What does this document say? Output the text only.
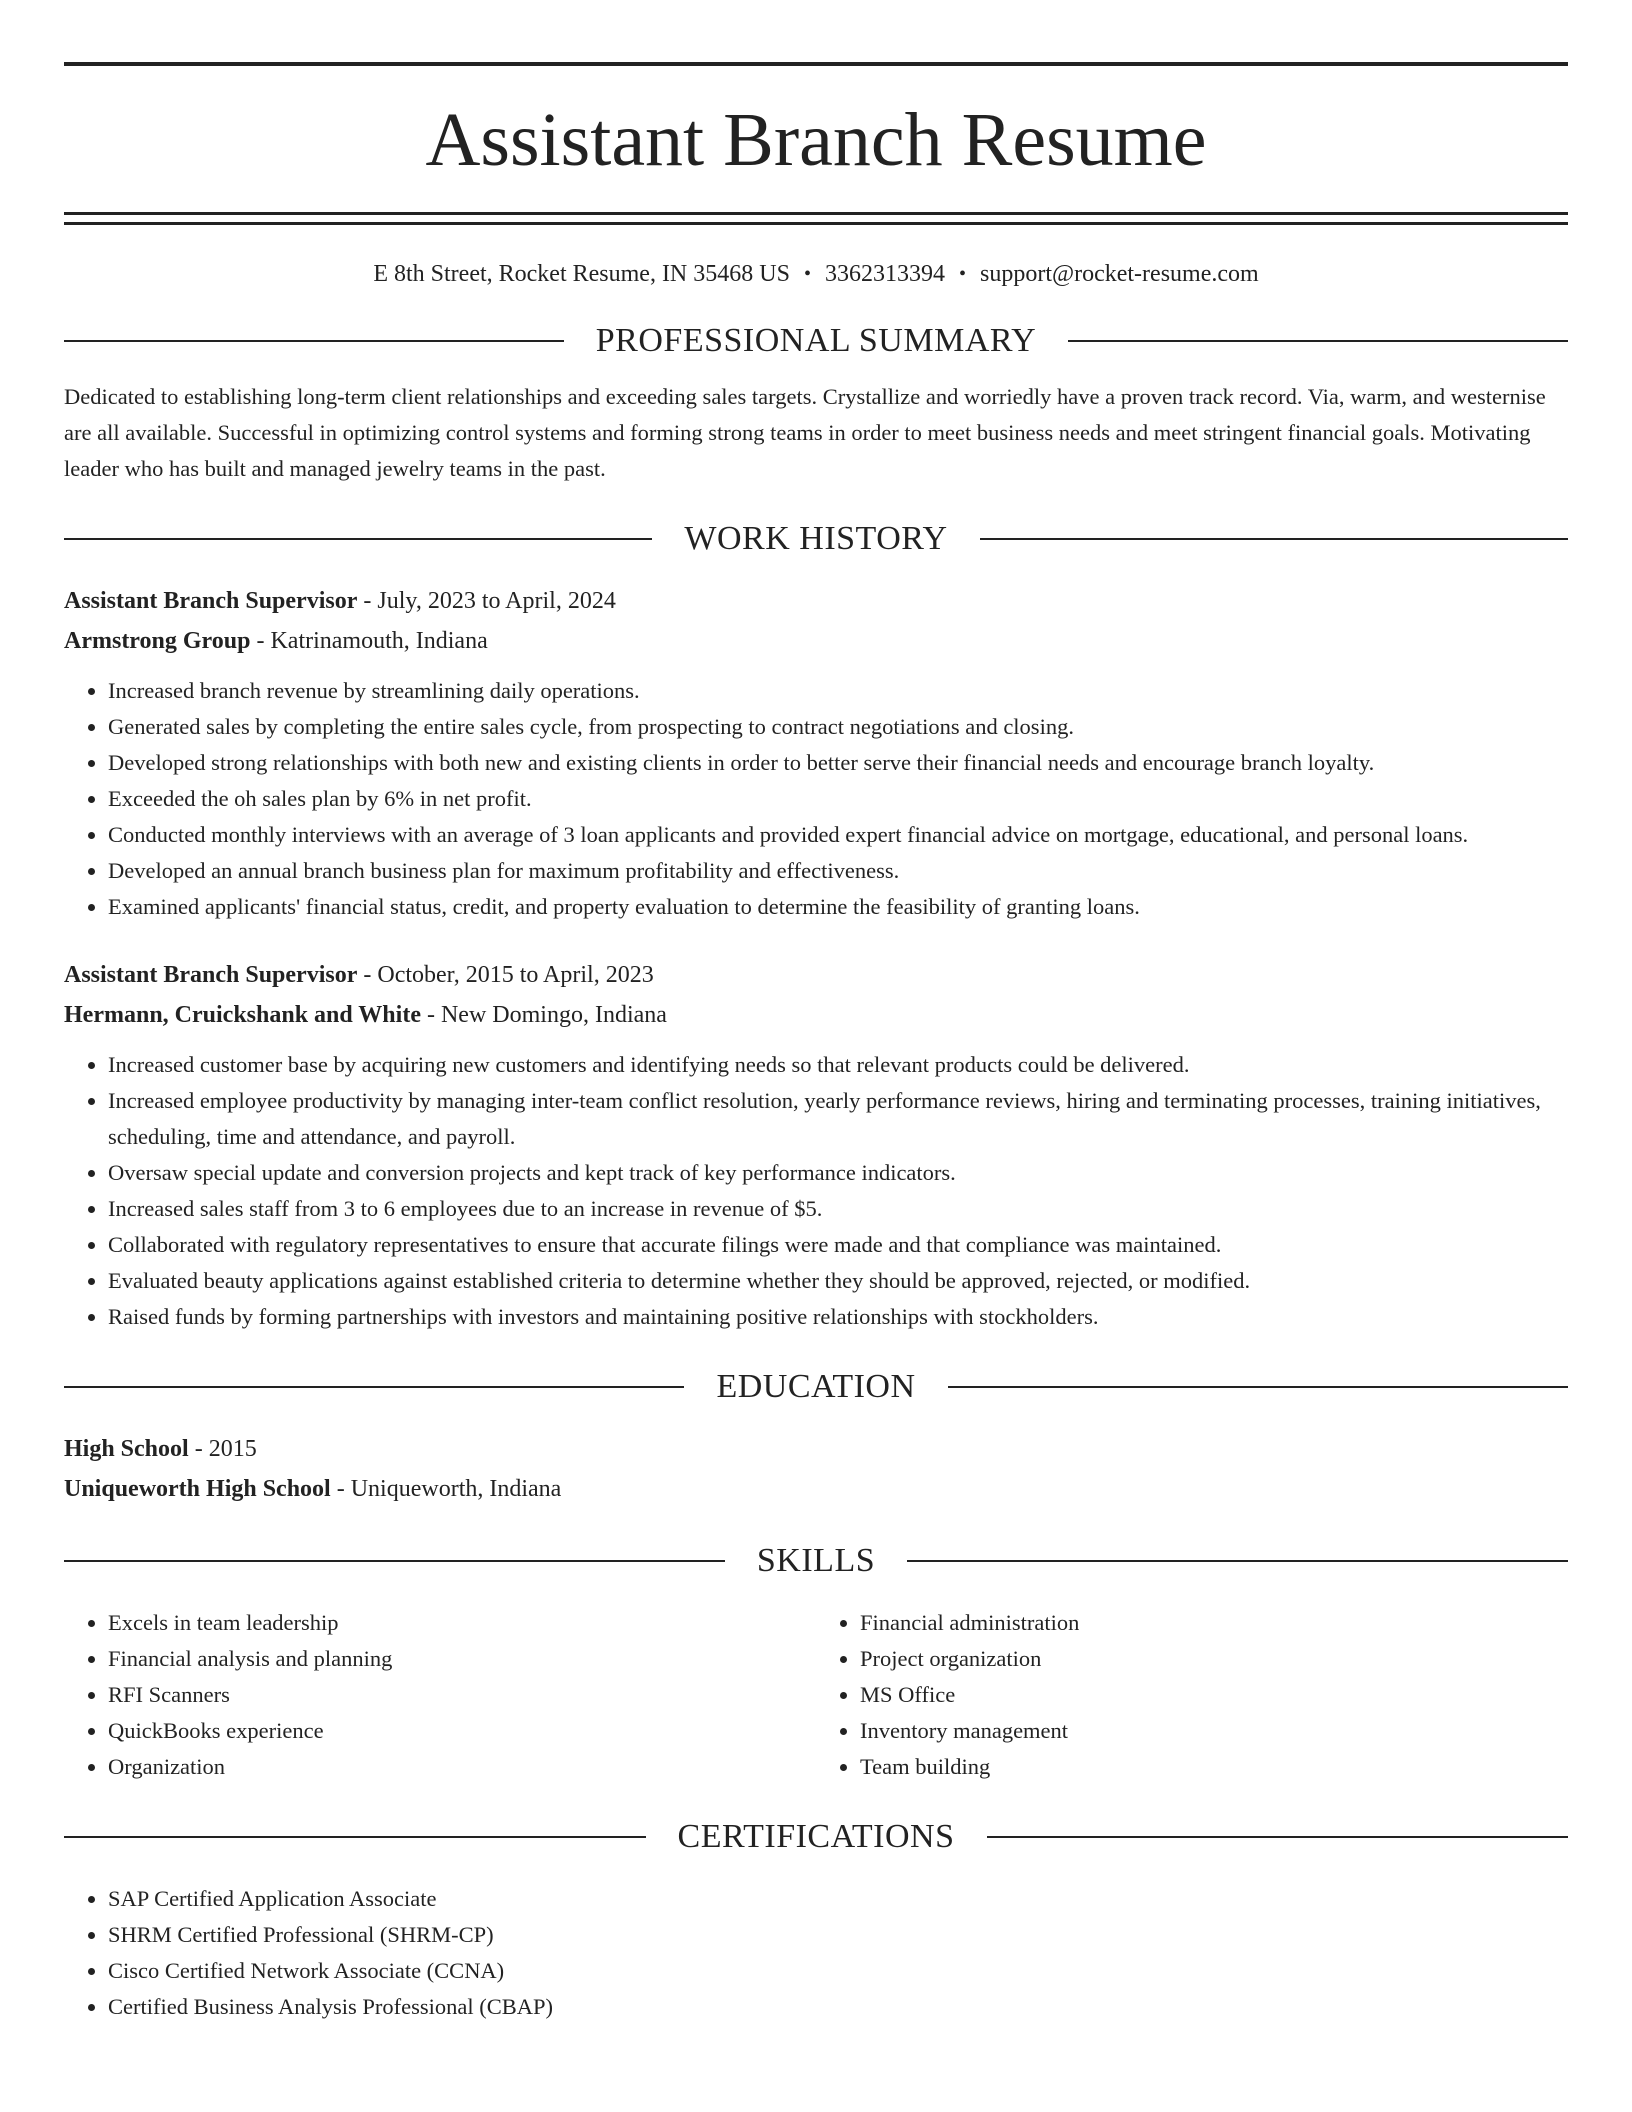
Assistant Branch Resume
E 8th Street, Rocket Resume, IN 35468 US • 3362313394 • support@rocket-resume.com
PROFESSIONAL SUMMARY

Dedicated to establishing long-term client relationships and exceeding sales targets. Crystallize and worriedly have a proven track record. Via, warm, and westernise are all available. Successful in optimizing control systems and forming strong teams in order to meet business needs and meet stringent financial goals. Motivating leader who has built and managed jewelry teams in the past.

WORK HISTORY
Assistant Branch Supervisor - July, 2023 to April, 2024
Armstrong Group - Katrinamouth, Indiana
• Increased branch revenue by streamlining daily operations.
• Generated sales by completing the entire sales cycle, from prospecting to contract negotiations and closing.
• Developed strong relationships with both new and existing clients in order to better serve their financial needs and encourage branch loyalty.
• Exceeded the oh sales plan by 6% in net profit.
• Conducted monthly interviews with an average of 3 loan applicants and provided expert financial advice on mortgage, educational, and personal loans.
• Developed an annual branch business plan for maximum profitability and effectiveness.
• Examined applicants' financial status, credit, and property evaluation to determine the feasibility of granting loans.
Assistant Branch Supervisor - October, 2015 to April, 2023
Hermann, Cruickshank and White - New Domingo, Indiana
• Increased customer base by acquiring new customers and identifying needs so that relevant products could be delivered.
• Increased employee productivity by managing inter-team conflict resolution, yearly performance reviews, hiring and terminating processes, training initiatives, scheduling, time and attendance, and payroll.
• Oversaw special update and conversion projects and kept track of key performance indicators.
• Increased sales staff from 3 to 6 employees due to an increase in revenue of $5.
• Collaborated with regulatory representatives to ensure that accurate filings were made and that compliance was maintained.
• Evaluated beauty applications against established criteria to determine whether they should be approved, rejected, or modified.
• Raised funds by forming partnerships with investors and maintaining positive relationships with stockholders.
EDUCATION
High School - 2015
Uniqueworth High School - Uniqueworth, Indiana
SKILLS
• Excels in team leadership
• Financial analysis and planning
• RFI Scanners
• QuickBooks experience
• Organization
• Financial administration
• Project organization
• MS Office
• Inventory management
• Team building
CERTIFICATIONS
• SAP Certified Application Associate
• SHRM Certified Professional (SHRM-CP)
• Cisco Certified Network Associate (CCNA)
• Certified Business Analysis Professional (CBAP)
